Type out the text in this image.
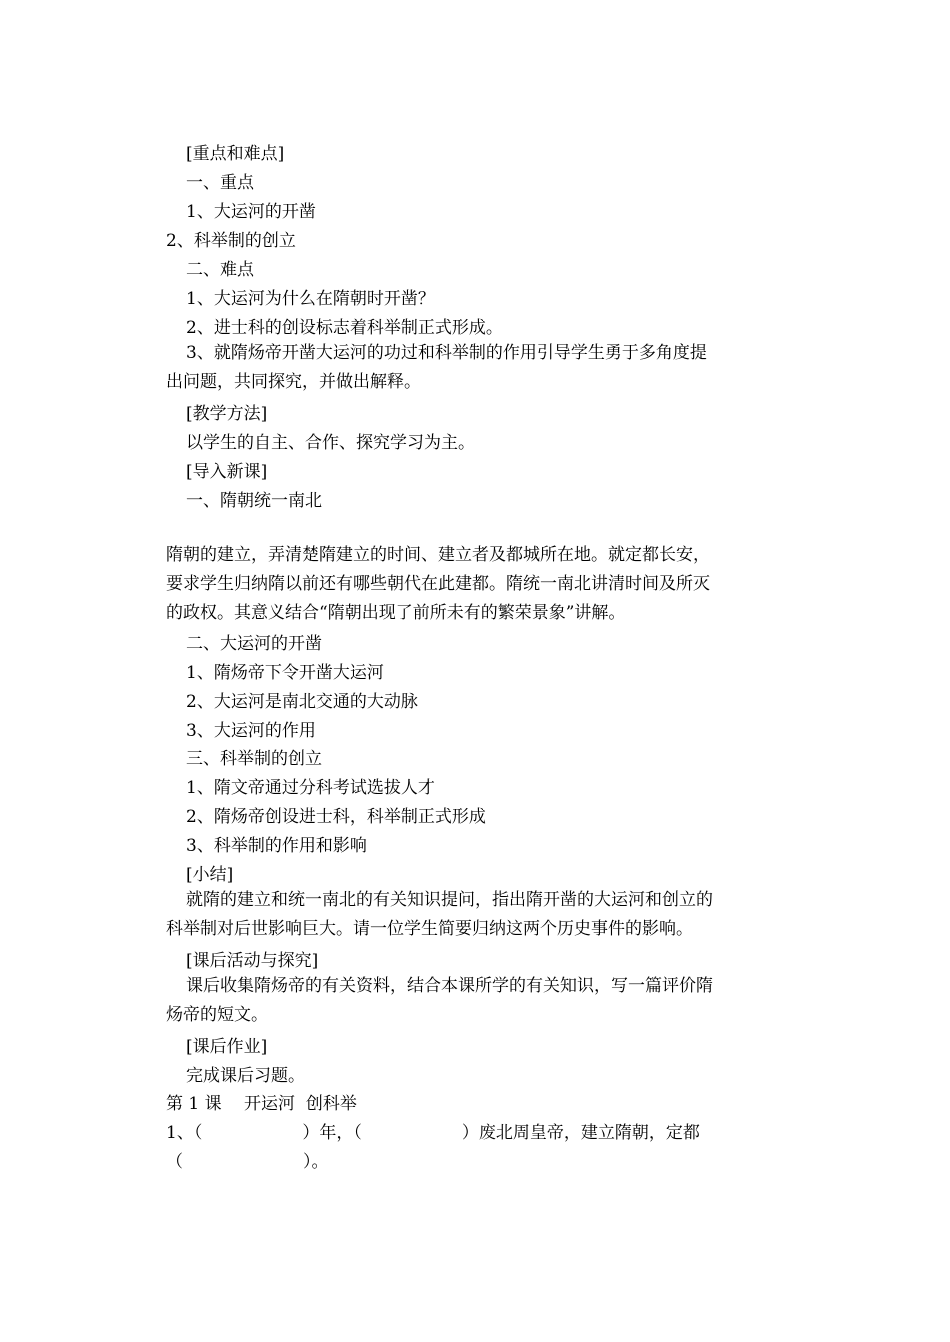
[重点和难点]
一、重点
1、大运河的开凿
2、科举制的创立
二、难点
1、大运河为什么在隋朝时开凿？
2、进士科的创设标志着科举制正式形成。
3、就隋炀帝开凿大运河的功过和科举制的作用引导学生勇于多角度提
出问题，共同探究，并做出解释。
[教学方法]
以学生的自主、合作、探究学习为主。
[导入新课]
一、隋朝统一南北
隋朝的建立，弄清楚隋建立的时间、建立者及都城所在地。就定都长安，
要求学生归纳隋以前还有哪些朝代在此建都。隋统一南北讲清时间及所灭
的政权。其意义结合“隋朝出现了前所未有的繁荣景象”讲解。
二、大运河的开凿
1、隋炀帝下令开凿大运河
2、大运河是南北交通的大动脉
3、大运河的作用
三、科举制的创立
1、隋文帝通过分科考试选拔人才
2、隋炀帝创设进士科，科举制正式形成
3、科举制的作用和影响
[小结]
就隋的建立和统一南北的有关知识提问，指出隋开凿的大运河和创立的
科举制对后世影响巨大。请一位学生简要归纳这两个历史事件的影响。
[课后活动与探究]
课后收集隋炀帝的有关资料，结合本课所学的有关知识，写一篇评价隋
炀帝的短文。
[课后作业]
完成课后习题。
第 1 课　 开运河  创科举
1、（	）年，（	）废北周皇帝，建立隋朝，定都
（	）。
